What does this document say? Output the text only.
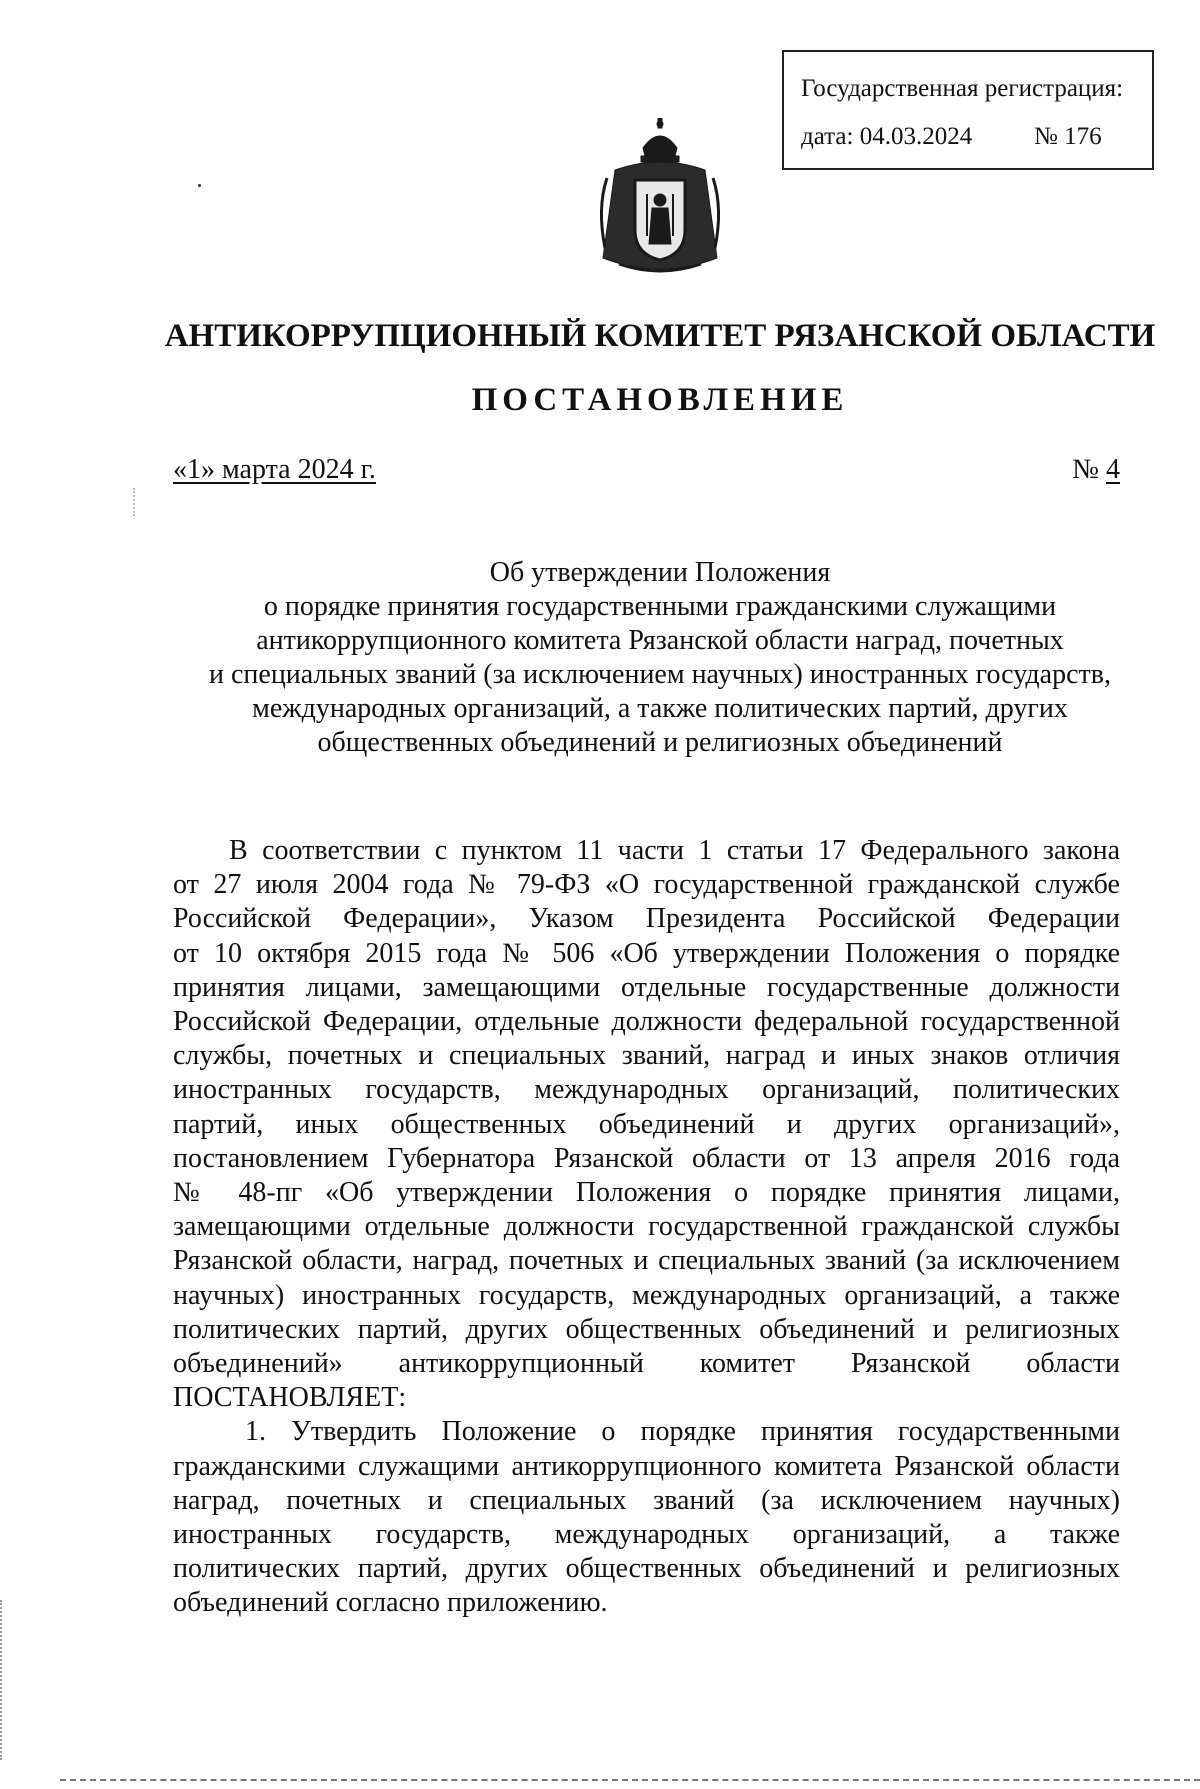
Государственная регистрация:
дата: 04.03.2024 № 176
АНТИКОРРУПЦИОННЫЙ КОМИТЕТ РЯЗАНСКОЙ ОБЛАСТИ
ПОСТАНОВЛЕНИЕ
«1» марта 2024 г.	№ 4
Об утверждении Положения
о порядке принятия государственными гражданскими служащими
антикоррупционного комитета Рязанской области наград, почетных
и специальных званий (за исключением научных) иностранных государств,
международных организаций, а также политических партий, других
общественных объединений и религиозных объединений
В соответствии с пунктом 11 части 1 статьи 17 Федерального закона
от 27 июля 2004 года № 79-ФЗ «О государственной гражданской службе
Российской Федерации», Указом Президента Российской Федерации
от 10 октября 2015 года № 506 «Об утверждении Положения о порядке
принятия лицами, замещающими отдельные государственные должности
Российской Федерации, отдельные должности федеральной государственной
службы, почетных и специальных званий, наград и иных знаков отличия
иностранных государств, международных организаций, политических
партий, иных общественных объединений и других организаций»,
постановлением Губернатора Рязанской области от 13 апреля 2016 года
№ 48-пг «Об утверждении Положения о порядке принятия лицами,
замещающими отдельные должности государственной гражданской службы
Рязанской области, наград, почетных и специальных званий (за исключением
научных) иностранных государств, международных организаций, а также
политических партий, других общественных объединений и религиозных
объединений» антикоррупционный комитет Рязанской области
ПОСТАНОВЛЯЕТ:
1. Утвердить Положение о порядке принятия государственными
гражданскими служащими антикоррупционного комитета Рязанской области
наград, почетных и специальных званий (за исключением научных)
иностранных государств, международных организаций, а также
политических партий, других общественных объединений и религиозных
объединений согласно приложению.
